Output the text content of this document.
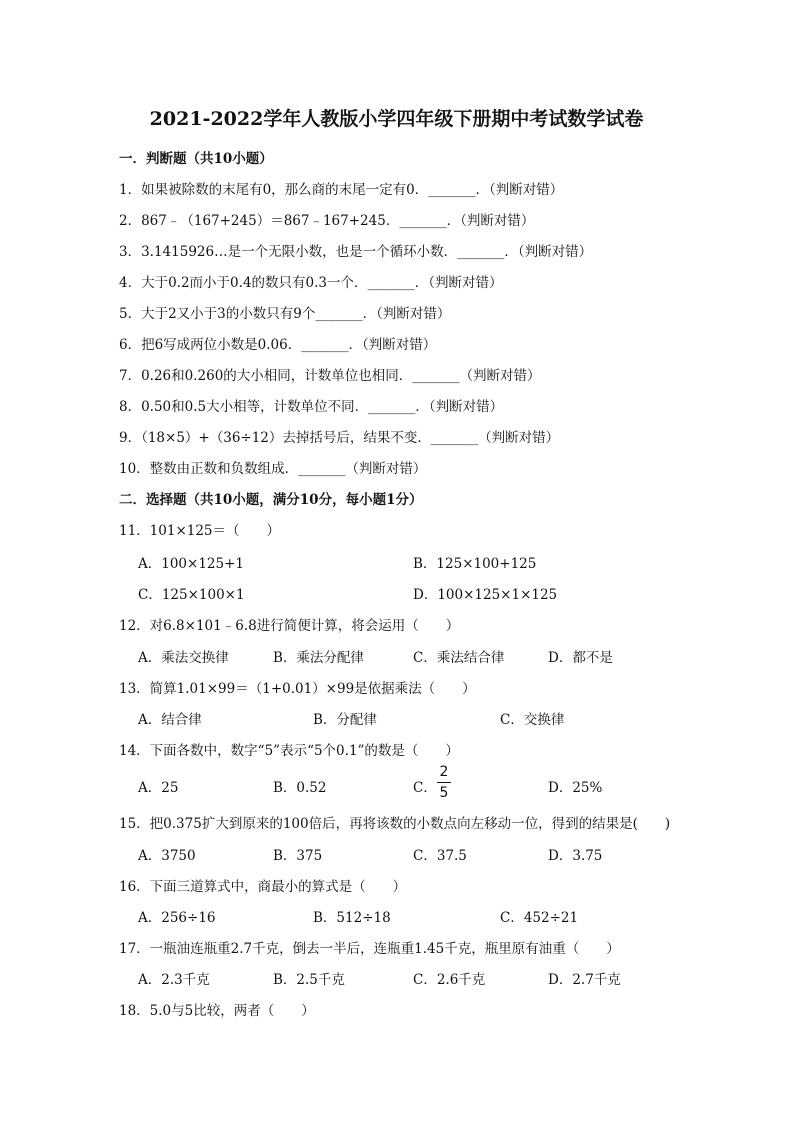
2021-2022学年人教版小学四年级下册期中考试数学试卷
一．判断题（共10小题）
1．如果被除数的末尾有0，那么商的末尾一定有0．_______．（判断对错）
2．867﹣（167+245）＝867﹣167+245．_______．（判断对错）
3．3.1415926…是一个无限小数，也是一个循环小数．_______．（判断对错）
4．大于0.2而小于0.4的数只有0.3一个．_______．（判断对错）
5．大于2又小于3的小数只有9个_______．（判断对错）
6．把6写成两位小数是0.06．_______．（判断对错）
7．0.26和0.260的大小相同，计数单位也相同．_______（判断对错）
8．0.50和0.5大小相等，计数单位不同．_______．（判断对错）
9．（18×5）+（36÷12）去掉括号后，结果不变．_______（判断对错）
10．整数由正数和负数组成．_______（判断对错）
二．选择题（共10小题，满分10分，每小题1分）
11．101×125＝（　　）
A．100×125+1	B．125×100+125
C．125×100×1	D．100×125×1×125
12．对6.8×101﹣6.8进行简便计算，将会运用（　　）
A．乘法交换律	B．乘法分配律	C．乘法结合律	D．都不是
13．简算1.01×99＝（1+0.01）×99是依据乘法（　　）
A．结合律	B．分配律	C．交换律
14．下面各数中，数字“5”表示“5个0.1”的数是（　　）
A．25	B．0.52	C．
2
5	D．25%
15．把0.375扩大到原来的100倍后，再将该数的小数点向左移动一位，得到的结果是(　　)
A．3750	B．375	C．37.5	D．3.75
16．下面三道算式中，商最小的算式是（　　）
A．256÷16	B．512÷18	C．452÷21
17．一瓶油连瓶重2.7千克，倒去一半后，连瓶重1.45千克，瓶里原有油重（　　）
A．2.3千克	B．2.5千克	C．2.6千克	D．2.7千克
18．5.0与5比较，两者（　　）
